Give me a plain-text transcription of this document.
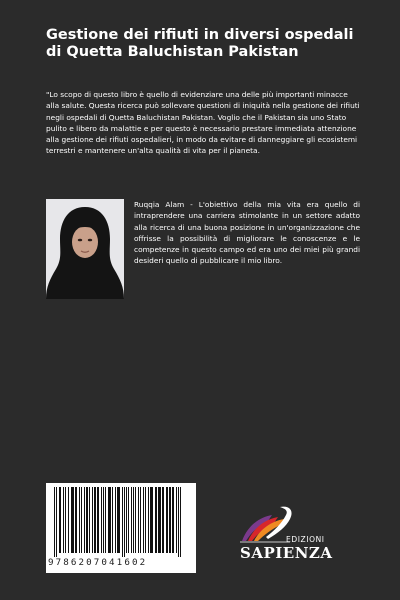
Gestione dei rifiuti in diversi ospedali di Quetta Baluchistan Pakistan

"Lo scopo di questo libro è quello di evidenziare una delle più importanti minacce alla salute. Questa ricerca può sollevare questioni di iniquità nella gestione dei rifiuti negli ospedali di Quetta Baluchistan Pakistan. Voglio che il Pakistan sia uno Stato pulito e libero da malattie e per questo è necessario prestare immediata attenzione alla gestione dei rifiuti ospedalieri, in modo da evitare di danneggiare gli ecosistemi terrestri e mantenere un'alta qualità di vita per il pianeta.

Ruqqia Alam - L'obiettivo della mia vita era quello di intraprendere una carriera stimolante in un settore adatto alla ricerca di una buona posizione in un'organizzazione che offrisse la possibilità di migliorare le conoscenze e le competenze in questo campo ed era uno dei miei più grandi desideri quello di pubblicare il mio libro.

9786207041602
EDIZIONI
SAPIENZA
